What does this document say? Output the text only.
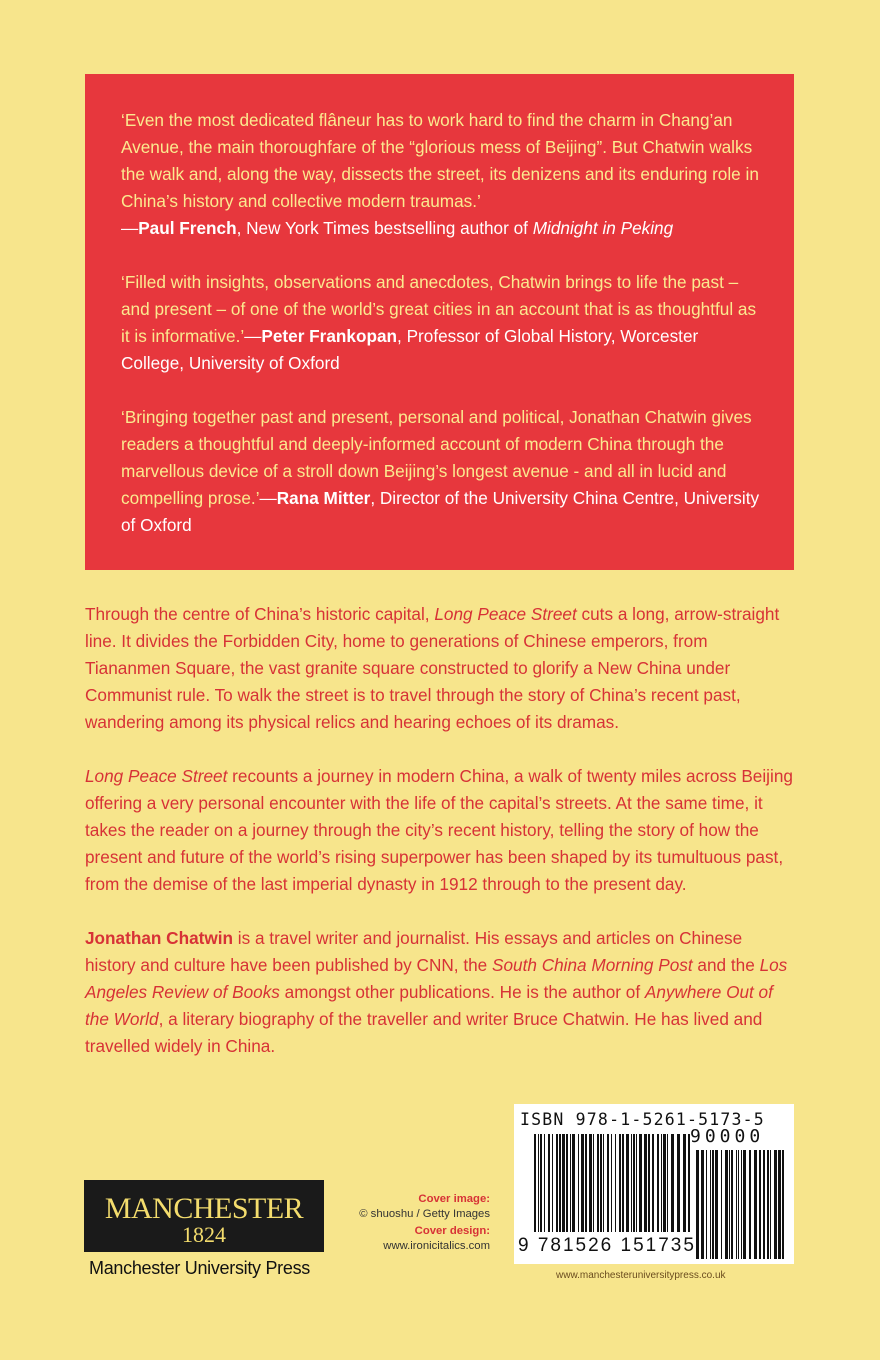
‘Even the most dedicated flâneur has to work hard to find the charm in Chang’an Avenue, the main thoroughfare of the “glorious mess of Beijing”. But Chatwin walks the walk and, along the way, dissects the street, its denizens and its enduring role in China’s history and collective modern traumas.’
—Paul French, New York Times bestselling author of Midnight in Peking

‘Filled with insights, observations and anecdotes, Chatwin brings to life the past – and present – of one of the world’s great cities in an account that is as thoughtful as it is informative.’—Peter Frankopan, Professor of Global History, Worcester College, University of Oxford

‘Bringing together past and present, personal and political, Jonathan Chatwin gives readers a thoughtful and deeply-informed account of modern China through the marvellous device of a stroll down Beijing’s longest avenue - and all in lucid and compelling prose.’—Rana Mitter, Director of the University China Centre, University of Oxford

Through the centre of China’s historic capital, Long Peace Street cuts a long, arrow-straight line. It divides the Forbidden City, home to generations of Chinese emperors, from Tiananmen Square, the vast granite square constructed to glorify a New China under Communist rule. To walk the street is to travel through the story of China’s recent past, wandering among its physical relics and hearing echoes of its dramas.

Long Peace Street recounts a journey in modern China, a walk of twenty miles across Beijing offering a very personal encounter with the life of the capital’s streets. At the same time, it takes the reader on a journey through the city’s recent history, telling the story of how the present and future of the world’s rising superpower has been shaped by its tumultuous past, from the demise of the last imperial dynasty in 1912 through to the present day.

Jonathan Chatwin is a travel writer and journalist. His essays and articles on Chinese history and culture have been published by CNN, the South China Morning Post and the Los Angeles Review of Books amongst other publications. He is the author of Anywhere Out of the World, a literary biography of the traveller and writer Bruce Chatwin. He has lived and travelled widely in China.

ISBN 978-1-5261-5173-5
90000
9 781526 151735
MANCHESTER
1824
Manchester University Press
Cover image:
© shuoshu / Getty Images
Cover design:
www.ironicitalics.com
www.manchesteruniversitypress.co.uk
